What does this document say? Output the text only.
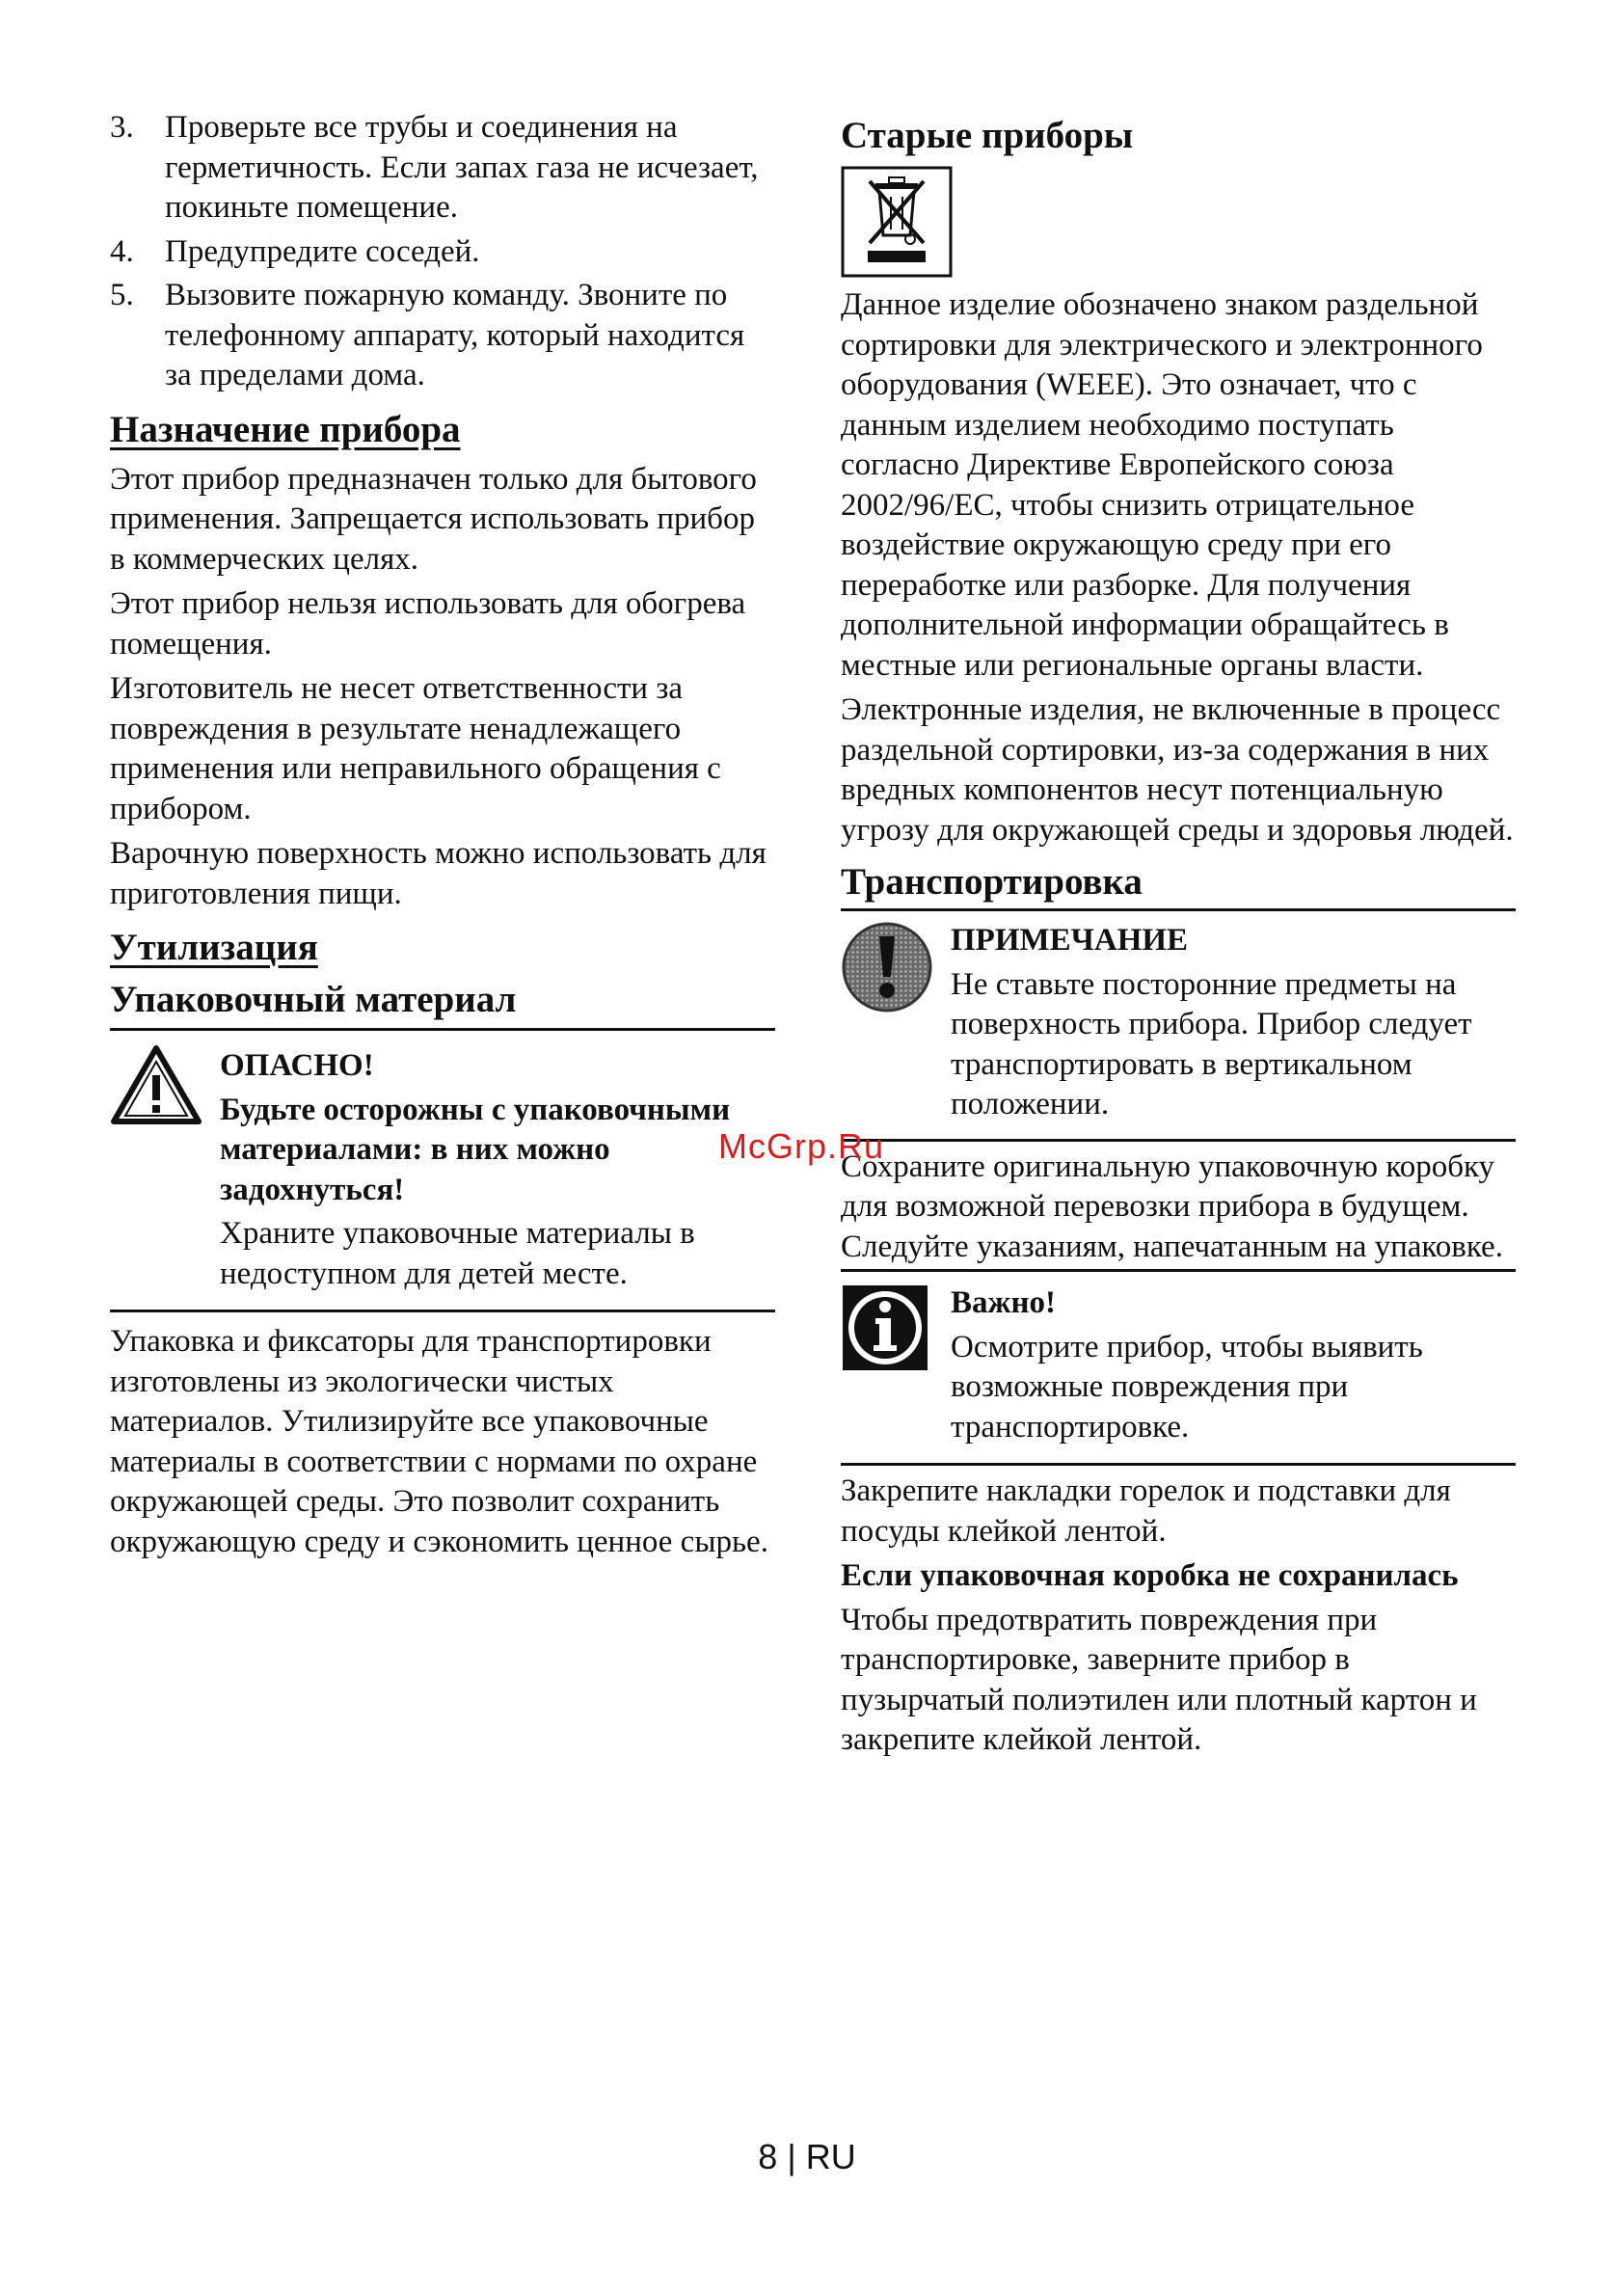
3. Проверьте все трубы и соединения на герметичность. Если запах газа не исчезает, покиньте помещение.
4. Предупредите соседей.
5. Вызовите пожарную команду. Звоните по телефонному аппарату, который находится за пределами дома.
Назначение прибора

Этот прибор предназначен только для бытового применения. Запрещается использовать прибор в коммерческих целях.

Этот прибор нельзя использовать для обогрева помещения.

Изготовитель не несет ответственности за повреждения в результате ненадлежащего применения или неправильного обращения с прибором.

Варочную поверхность можно использовать для приготовления пищи.

Утилизация
Упаковочный материал

ОПАСНО!

Будьте осторожны с упаковочными материалами: в них можно задохнуться!

Храните упаковочные материалы в недоступном для детей месте.

Упаковка и фиксаторы для транспортировки изготовлены из экологически чистых материалов. Утилизируйте все упаковочные материалы в соответствии с нормами по охране окружающей среды. Это позволит сохранить окружающую среду и сэкономить ценное сырье.

Старые приборы

Данное изделие обозначено знаком раздельной сортировки для электрического и электронного оборудования (WEEE). Это означает, что с данным изделием необходимо поступать согласно Директиве Европейского союза 2002/96/EC, чтобы снизить отрицательное воздействие окружающую среду при его переработке или разборке. Для получения дополнительной информации обращайтесь в местные или региональные органы власти.

Электронные изделия, не включенные в процесс раздельной сортировки, из-за содержания в них вредных компонентов несут потенциальную угрозу для окружающей среды и здоровья людей.

Транспортировка

ПРИМЕЧАНИЕ

Не ставьте посторонние предметы на поверхность прибора. Прибор следует транспортировать в вертикальном положении.

Сохраните оригинальную упаковочную коробку для возможной перевозки прибора в будущем. Следуйте указаниям, напечатанным на упаковке.

Важно!

Осмотрите прибор, чтобы выявить возможные повреждения при транспортировке.

Закрепите накладки горелок и подставки для посуды клейкой лентой.

Если упаковочная коробка не сохранилась

Чтобы предотвратить повреждения при транспортировке, заверните прибор в пузырчатый полиэтилен или плотный картон и закрепите клейкой лентой.

McGrp.Ru
8 | RU
